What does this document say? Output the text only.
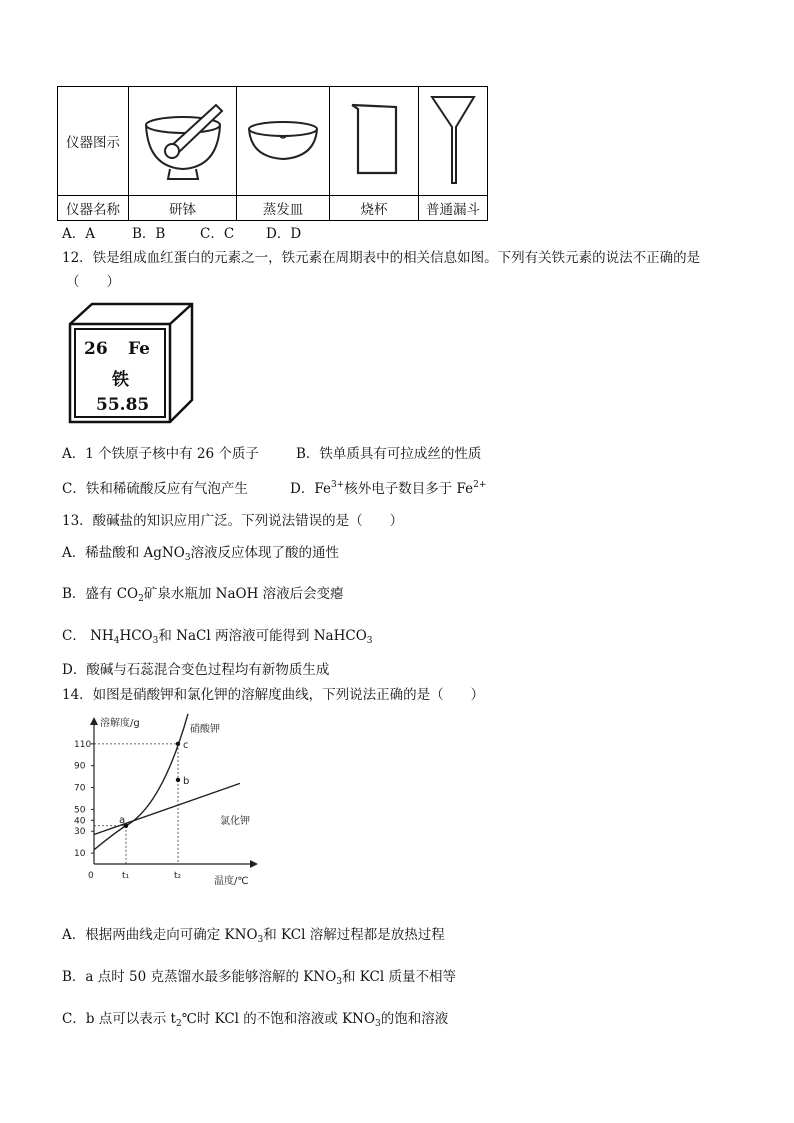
仪器图示				
仪器名称	研钵	蒸发皿	烧杯	普通漏斗
A．A	B．B	C．C D．D
12．铁是组成血红蛋白的元素之一，铁元素在周期表中的相关信息如图。下列有关铁元素的说法不正确的是
（　　）
26 Fe
铁
55.85
A．1 个铁原子核中有 26 个质子	B．铁单质具有可拉成丝的性质
C．铁和稀硫酸反应有气泡产生	D．$Fe^{3+}$核外电子数目多于 $Fe^{2+}$
13．酸碱盐的知识应用广泛。下列说法错误的是（　　）
A．稀盐酸和 AgNO$_3$溶液反应体现了酸的通性
B．盛有 $CO_2$矿泉水瓶加 NaOH 溶液后会变瘪
C． $NH_4HCO_3$和 NaCl 两溶液可能得到 NaHCO$_3$
D．酸碱与石蕊混合变色过程均有新物质生成
14．如图是硝酸钾和氯化钾的溶解度曲线，下列说法正确的是（　　）
溶解度/g
温度/℃
110
90
70
50
40
30
10
0	t₁	t₂
a
b
c
硝酸钾
氯化钾
A．根据两曲线走向可确定 $KNO_3$和 KCl 溶解过程都是放热过程
B．a 点时 50 克蒸馏水最多能够溶解的 $KNO_3$和 KCl 质量不相等
C．b 点可以表示 $t_2℃$时 KCl 的不饱和溶液或 $KNO_3$的饱和溶液
